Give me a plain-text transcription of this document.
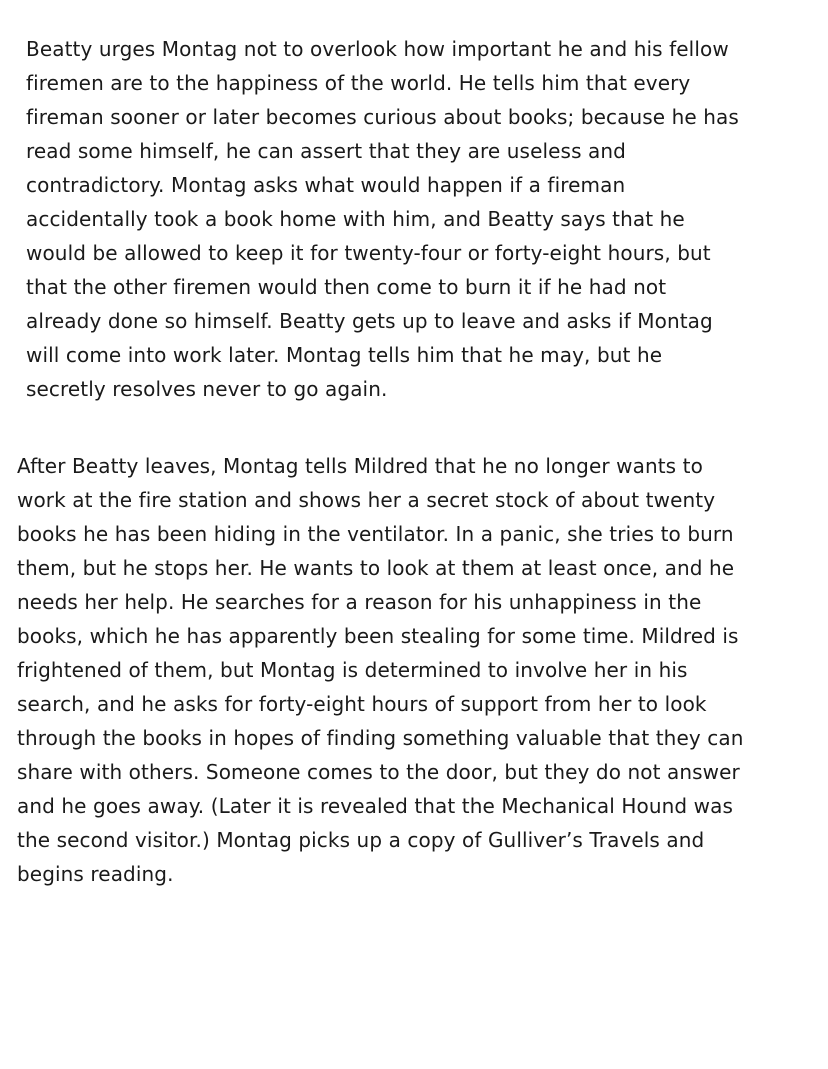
Beatty urges Montag not to overlook how important he and his fellow
firemen are to the happiness of the world. He tells him that every
fireman sooner or later becomes curious about books; because he has
read some himself, he can assert that they are useless and
contradictory. Montag asks what would happen if a fireman
accidentally took a book home with him, and Beatty says that he
would be allowed to keep it for twenty-four or forty-eight hours, but
that the other firemen would then come to burn it if he had not
already done so himself. Beatty gets up to leave and asks if Montag
will come into work later. Montag tells him that he may, but he
secretly resolves never to go again.
After Beatty leaves, Montag tells Mildred that he no longer wants to
work at the fire station and shows her a secret stock of about twenty
books he has been hiding in the ventilator. In a panic, she tries to burn
them, but he stops her. He wants to look at them at least once, and he
needs her help. He searches for a reason for his unhappiness in the
books, which he has apparently been stealing for some time. Mildred is
frightened of them, but Montag is determined to involve her in his
search, and he asks for forty-eight hours of support from her to look
through the books in hopes of finding something valuable that they can
share with others. Someone comes to the door, but they do not answer
and he goes away. (Later it is revealed that the Mechanical Hound was
the second visitor.) Montag picks up a copy of Gulliver’s Travels and
begins reading.
